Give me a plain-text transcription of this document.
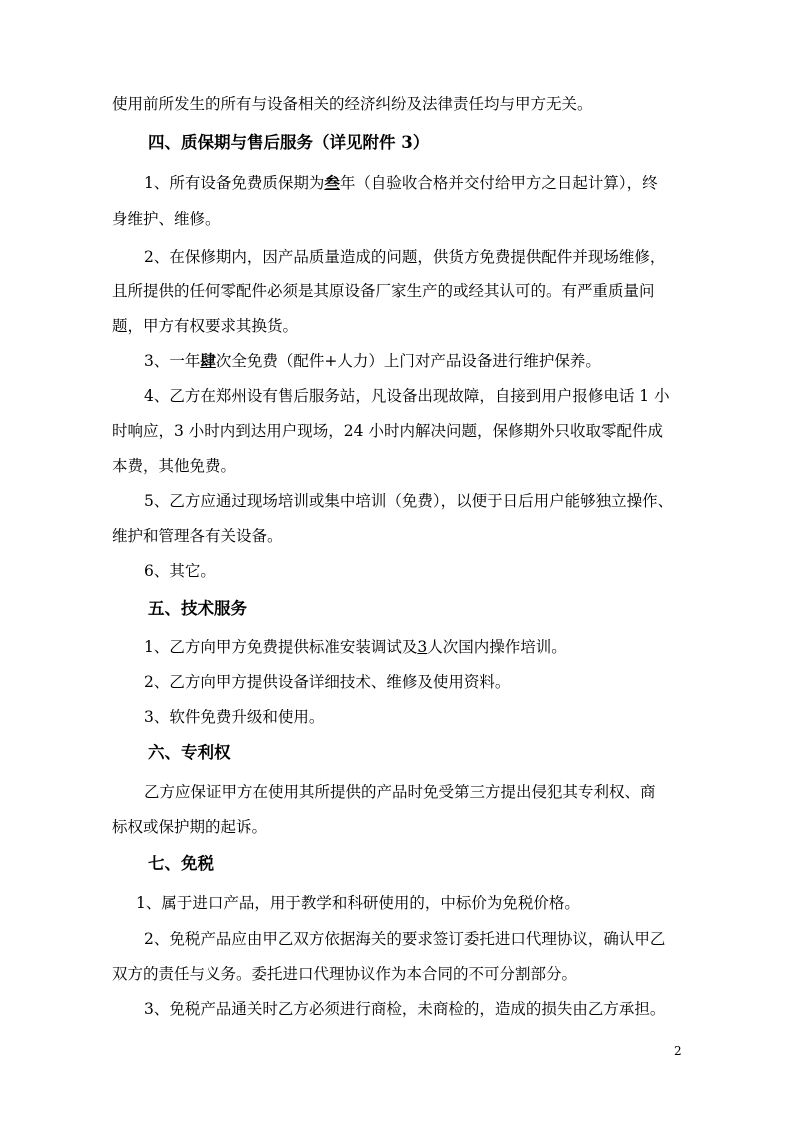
使用前所发生的所有与设备相关的经济纠纷及法律责任均与甲方无关。
四、质保期与售后服务（详见附件 3）
1、所有设备免费质保期为叁年（自验收合格并交付给甲方之日起计算），终
身维护、维修。
2、在保修期内，因产品质量造成的问题，供货方免费提供配件并现场维修，
且所提供的任何零配件必须是其原设备厂家生产的或经其认可的。有严重质量问
题，甲方有权要求其换货。
3、一年肆次全免费（配件+人力）上门对产品设备进行维护保养。
4、乙方在郑州设有售后服务站，凡设备出现故障，自接到用户报修电话 1 小
时响应，3 小时内到达用户现场，24 小时内解决问题，保修期外只收取零配件成
本费，其他免费。
5、乙方应通过现场培训或集中培训（免费），以便于日后用户能够独立操作、
维护和管理各有关设备。
6、其它。
五、技术服务
1、乙方向甲方免费提供标准安装调试及3人次国内操作培训。
2、乙方向甲方提供设备详细技术、维修及使用资料。
3、软件免费升级和使用。
六、专利权
乙方应保证甲方在使用其所提供的产品时免受第三方提出侵犯其专利权、商
标权或保护期的起诉。
七、免税
1、属于进口产品，用于教学和科研使用的，中标价为免税价格。
2、免税产品应由甲乙双方依据海关的要求签订委托进口代理协议，确认甲乙
双方的责任与义务。委托进口代理协议作为本合同的不可分割部分。
3、免税产品通关时乙方必须进行商检，未商检的，造成的损失由乙方承担。
2
